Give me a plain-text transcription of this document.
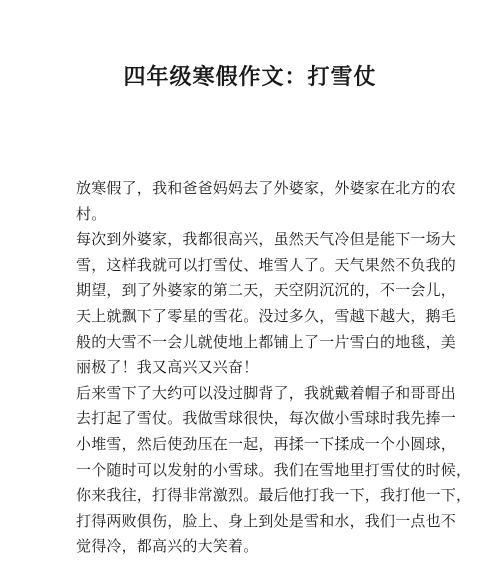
四年级寒假作文：打雪仗
放寒假了，我和爸爸妈妈去了外婆家，外婆家在北方的农
村。
每次到外婆家，我都很高兴，虽然天气冷但是能下一场大
雪，这样我就可以打雪仗、堆雪人了。天气果然不负我的
期望，到了外婆家的第二天，天空阴沉沉的，不一会儿，
天上就飘下了零星的雪花。没过多久，雪越下越大，鹅毛
般的大雪不一会儿就使地上都铺上了一片雪白的地毯，美
丽极了！我又高兴又兴奋！
后来雪下了大约可以没过脚背了，我就戴着帽子和哥哥出
去打起了雪仗。我做雪球很快，每次做小雪球时我先捧一
小堆雪，然后使劲压在一起，再揉一下揉成一个小圆球，
一个随时可以发射的小雪球。我们在雪地里打雪仗的时候，
你来我往，打得非常激烈。最后他打我一下，我打他一下，
打得两败俱伤，脸上、身上到处是雪和水，我们一点也不
觉得冷，都高兴的大笑着。
